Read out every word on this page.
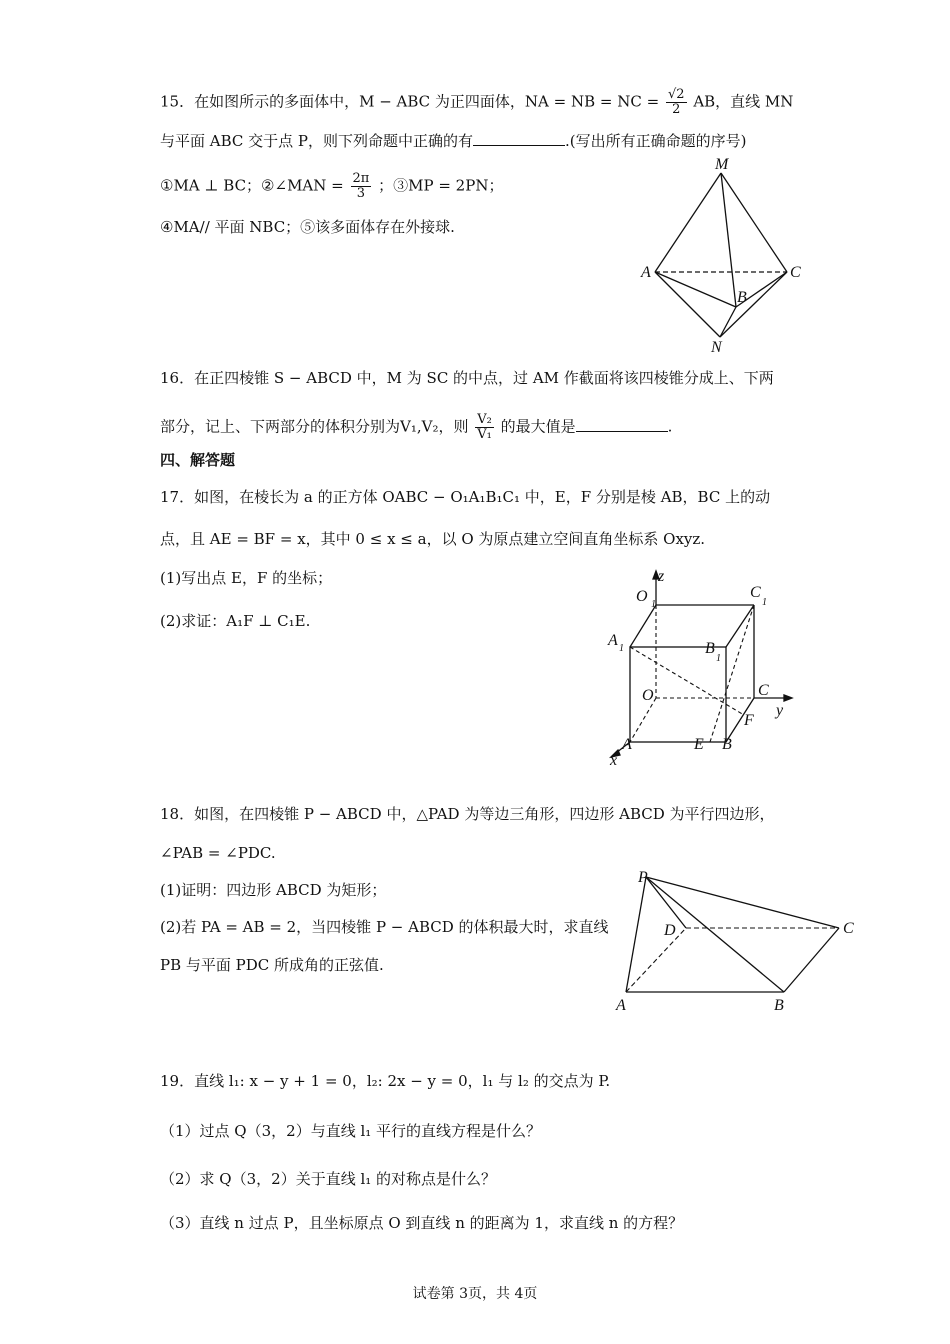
15．在如图所示的多面体中，M − ABC 为正四面体，NA = NB = NC = $\frac{√2}{2}$ AB，直线 MN
与平面 ABC 交于点 P，则下列命题中正确的有	.(写出所有正确命题的序号)
①MA ⊥ BC；②∠MAN = $\frac{2\pi}{3}$ ；③MP = 2PN；
④MA// 平面 NBC；⑤该多面体存在外接球.
M
A	C
B
N
16．在正四棱锥 S − ABCD 中，M 为 SC 的中点，过 AM 作截面将该四棱锥分成上、下两
部分，记上、下两部分的体积分别为V₁,V₂，则 $\frac{\text{V₂}}{\text{V₁}}$ 的最大值是	.
四、解答题
17．如图，在棱长为 a 的正方体 OABC − O₁A₁B₁C₁ 中，E，F 分别是棱 AB，BC 上的动
点，且 AE = BF = x，其中 0 ≤ x ≤ a，以 O 为原点建立空间直角坐标系 Oxyz.
(1)写出点 E，F 的坐标；
(2)求证：A₁F ⊥ C₁E.
z
O 1
C
1
A 1	B
1
O	C
y
F
A	E B
x
18．如图，在四棱锥 P − ABCD 中，△PAD 为等边三角形，四边形 ABCD 为平行四边形，
∠PAB = ∠PDC.
(1)证明：四边形 ABCD 为矩形；
(2)若 PA = AB = 2，当四棱锥 P − ABCD 的体积最大时，求直线
PB 与平面 PDC 所成角的正弦值.
P
D	C
A	B
19．直线 l₁: x − y + 1 = 0，l₂: 2x − y = 0，l₁ 与 l₂ 的交点为 P.
（1）过点 Q（3，2）与直线 l₁ 平行的直线方程是什么？
（2）求 Q（3，2）关于直线 l₁ 的对称点是什么？
（3）直线 n 过点 P，且坐标原点 O 到直线 n 的距离为 1，求直线 n 的方程？
试卷第 3页，共 4页
